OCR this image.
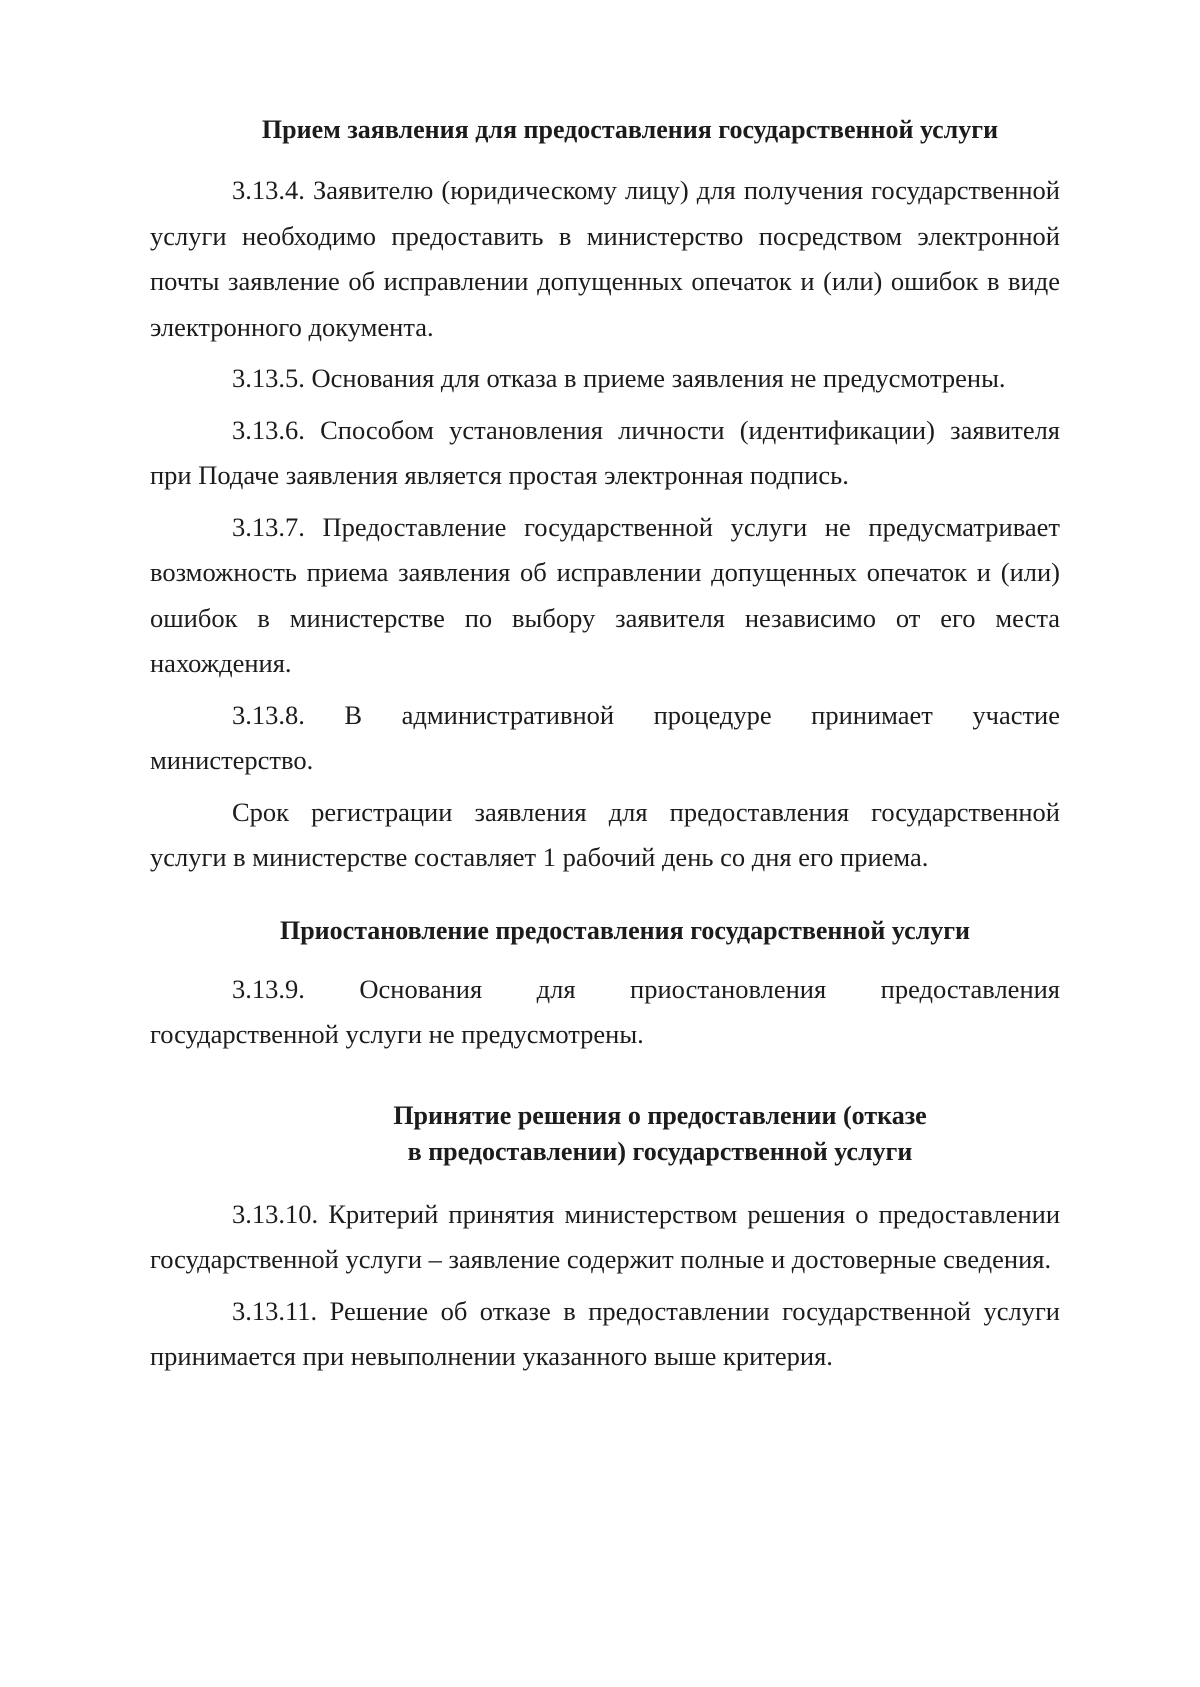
Прием заявления для предоставления государственной услуги

3.13.4. Заявителю (юридическому лицу) для получения государственной услуги необходимо предоставить в министерство посредством электронной почты заявление об исправлении допущенных опечаток и (или) ошибок в виде электронного документа.

3.13.5. Основания для отказа в приеме заявления не предусмотрены.

3.13.6. Способом установления личности (идентификации) заявителя при Подаче заявления является простая электронная подпись.

3.13.7. Предоставление государственной услуги не предусматривает возможность приема заявления об исправлении допущенных опечаток и (или) ошибок в министерстве по выбору заявителя независимо от его места нахождения.

3.13.8. В административной процедуре принимает участие министерство.

Срок регистрации заявления для предоставления государственной услуги в министерстве составляет 1 рабочий день со дня его приема.

Приостановление предоставления государственной услуги

3.13.9. Основания для приостановления предоставления государственной услуги не предусмотрены.

Принятие решения о предоставлении (отказе
в предоставлении) государственной услуги

3.13.10. Критерий принятия министерством решения о предоставлении государственной услуги – заявление содержит полные и достоверные сведения.

3.13.11. Решение об отказе в предоставлении государственной услуги принимается при невыполнении указанного выше критерия.
